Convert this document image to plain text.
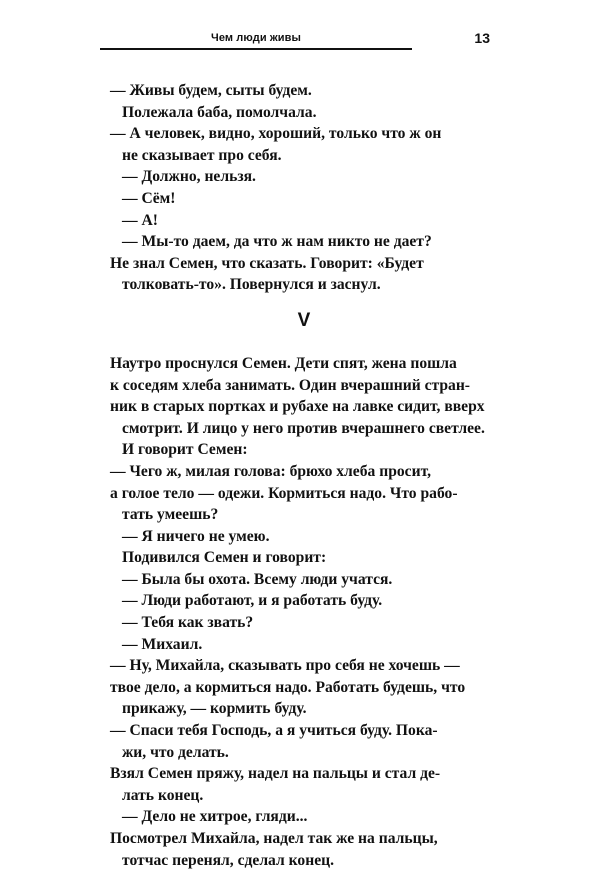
Чем люди живы	13

— Живы будем, сыты будем.

Полежала баба, помолчала.

— А человек, видно, хороший, только что ж он

не сказывает про себя.

— Должно, нельзя.

— Сём!

— А!

— Мы-то даем, да что ж нам никто не дает?

Не знал Семен, что сказать. Говорит: «Будет

толковать-то». Повернулся и заснул.

V

Наутро проснулся Семен. Дети спят, жена пошла

к соседям хлеба занимать. Один вчерашний стран-

ник в старых портках и рубахе на лавке сидит, вверх

смотрит. И лицо у него против вчерашнего светлее.

И говорит Семен:

— Чего ж, милая голова: брюхо хлеба просит,

а голое тело — одежи. Кормиться надо. Что рабо-

тать умеешь?

— Я ничего не умею.

Подивился Семен и говорит:

— Была бы охота. Всему люди учатся.

— Люди работают, и я работать буду.

— Тебя как звать?

— Михаил.

— Ну, Михайла, сказывать про себя не хочешь —

твое дело, а кормиться надо. Работать будешь, что

прикажу, — кормить буду.

— Спаси тебя Господь, а я учиться буду. Пока-

жи, что делать.

Взял Семен пряжу, надел на пальцы и стал де-

лать конец.

— Дело не хитрое, гляди...

Посмотрел Михайла, надел так же на пальцы,

тотчас перенял, сделал конец.
